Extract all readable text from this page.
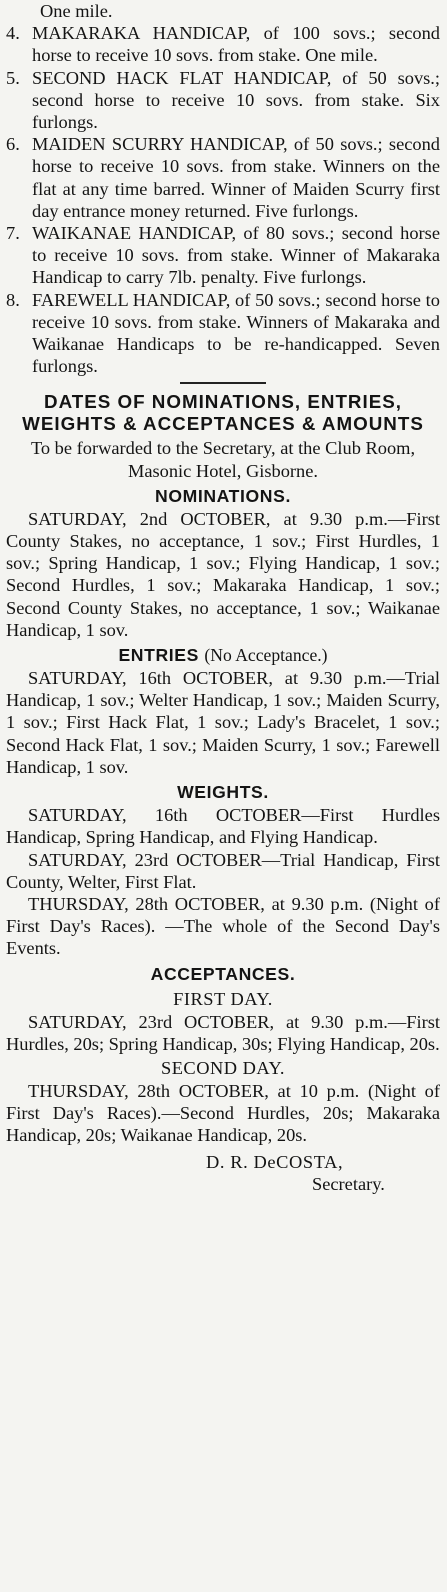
One mile.

4. MAKARAKA HANDICAP, of 100 sovs.; second horse to receive 10 sovs. from stake. One mile.

5. SECOND HACK FLAT HANDICAP, of 50 sovs.; second horse to receive 10 sovs. from stake. Six furlongs.

6. MAIDEN SCURRY HANDICAP, of 50 sovs.; second horse to receive 10 sovs. from stake. Winners on the flat at any time barred. Winner of Maiden Scurry first day entrance money returned. Five furlongs.

7. WAIKANAE HANDICAP, of 80 sovs.; second horse to receive 10 sovs. from stake. Winner of Makaraka Handicap to carry 7lb. penalty. Five furlongs.

8. FAREWELL HANDICAP, of 50 sovs.; second horse to receive 10 sovs. from stake. Winners of Makaraka and Waikanae Handicaps to be re-handicapped. Seven furlongs.

DATES OF NOMINATIONS, ENTRIES, WEIGHTS & ACCEPTANCES & AMOUNTS

To be forwarded to the Secretary, at the Club Room, Masonic Hotel, Gisborne.

NOMINATIONS.

SATURDAY, 2nd OCTOBER, at 9.30 p.m.—First County Stakes, no acceptance, 1 sov.; First Hurdles, 1 sov.; Spring Handicap, 1 sov.; Flying Handicap, 1 sov.; Second Hurdles, 1 sov.; Makaraka Handicap, 1 sov.; Second County Stakes, no acceptance, 1 sov.; Waikanae Handicap, 1 sov.

ENTRIES (No Acceptance.)

SATURDAY, 16th OCTOBER, at 9.30 p.m.—Trial Handicap, 1 sov.; Welter Handicap, 1 sov.; Maiden Scurry, 1 sov.; First Hack Flat, 1 sov.; Lady's Bracelet, 1 sov.; Second Hack Flat, 1 sov.; Maiden Scurry, 1 sov.; Farewell Handicap, 1 sov.

WEIGHTS.

SATURDAY, 16th OCTOBER—First Hurdles Handicap, Spring Handicap, and Flying Handicap.

SATURDAY, 23rd OCTOBER—Trial Handicap, First County, Welter, First Flat.

THURSDAY, 28th OCTOBER, at 9.30 p.m. (Night of First Day's Races). —The whole of the Second Day's Events.

ACCEPTANCES.

FIRST DAY.

SATURDAY, 23rd OCTOBER, at 9.30 p.m.—First Hurdles, 20s; Spring Handicap, 30s; Flying Handicap, 20s.

SECOND DAY.

THURSDAY, 28th OCTOBER, at 10 p.m. (Night of First Day's Races).—Second Hurdles, 20s; Makaraka Handicap, 20s; Waikanae Handicap, 20s.

D. R. DeCOSTA,
Secretary.
